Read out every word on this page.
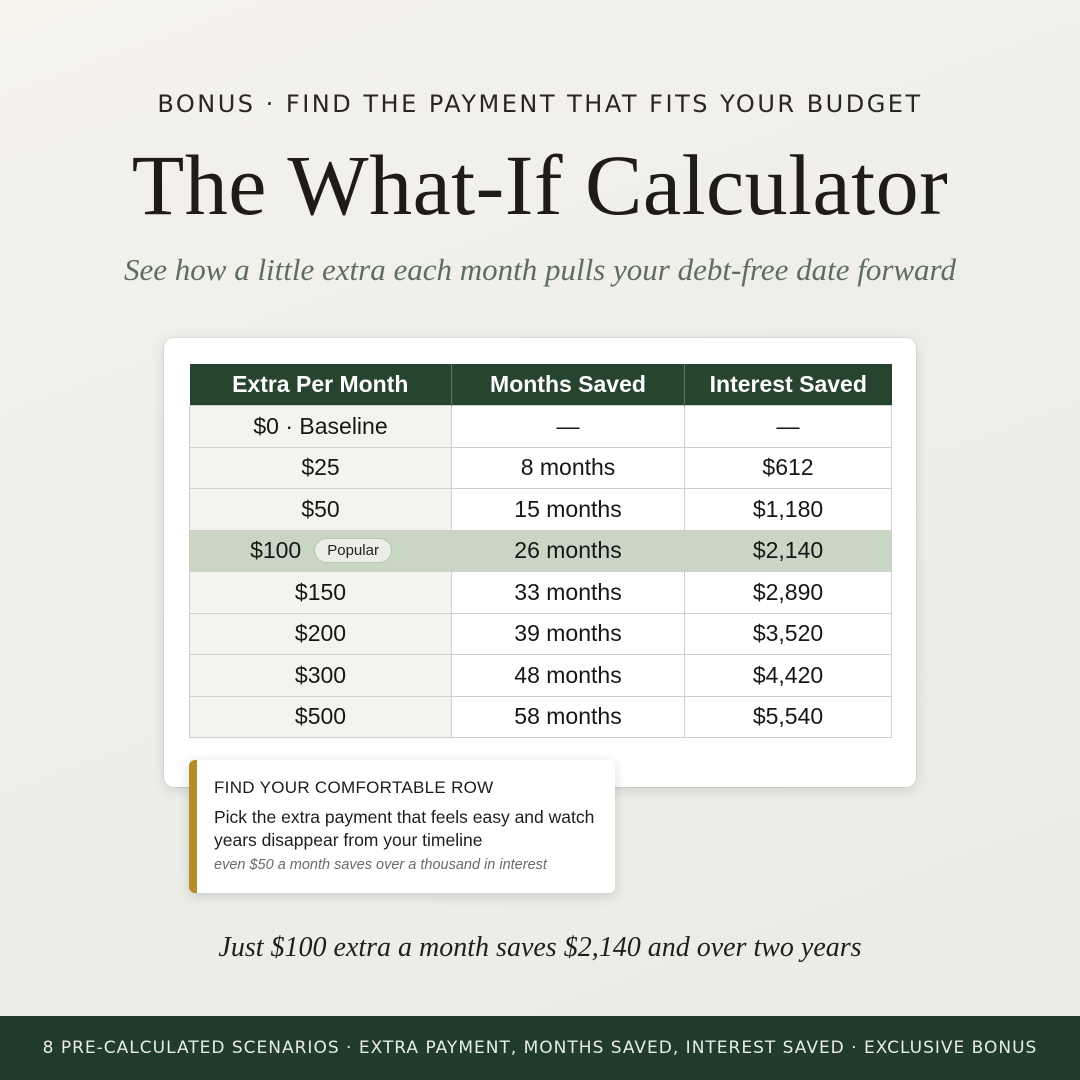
BONUS · FIND THE PAYMENT THAT FITS YOUR BUDGET
The What-If Calculator
See how a little extra each month pulls your debt-free date forward
Extra Per Month	Months Saved	Interest Saved
$0 · Baseline	—	—
$25	8 months	$612
$50	15 months	$1,180

$100 Popular	26 months	$2,140
$150	33 months	$2,890
$200	39 months	$3,520
$300	48 months	$4,420
$500	58 months	$5,540
FIND YOUR COMFORTABLE ROW
Pick the extra payment that feels easy and watch years disappear from your timeline
even $50 a month saves over a thousand in interest
Just $100 extra a month saves $2,140 and over two years
8 PRE-CALCULATED SCENARIOS · EXTRA PAYMENT, MONTHS SAVED, INTEREST SAVED · EXCLUSIVE BONUS
